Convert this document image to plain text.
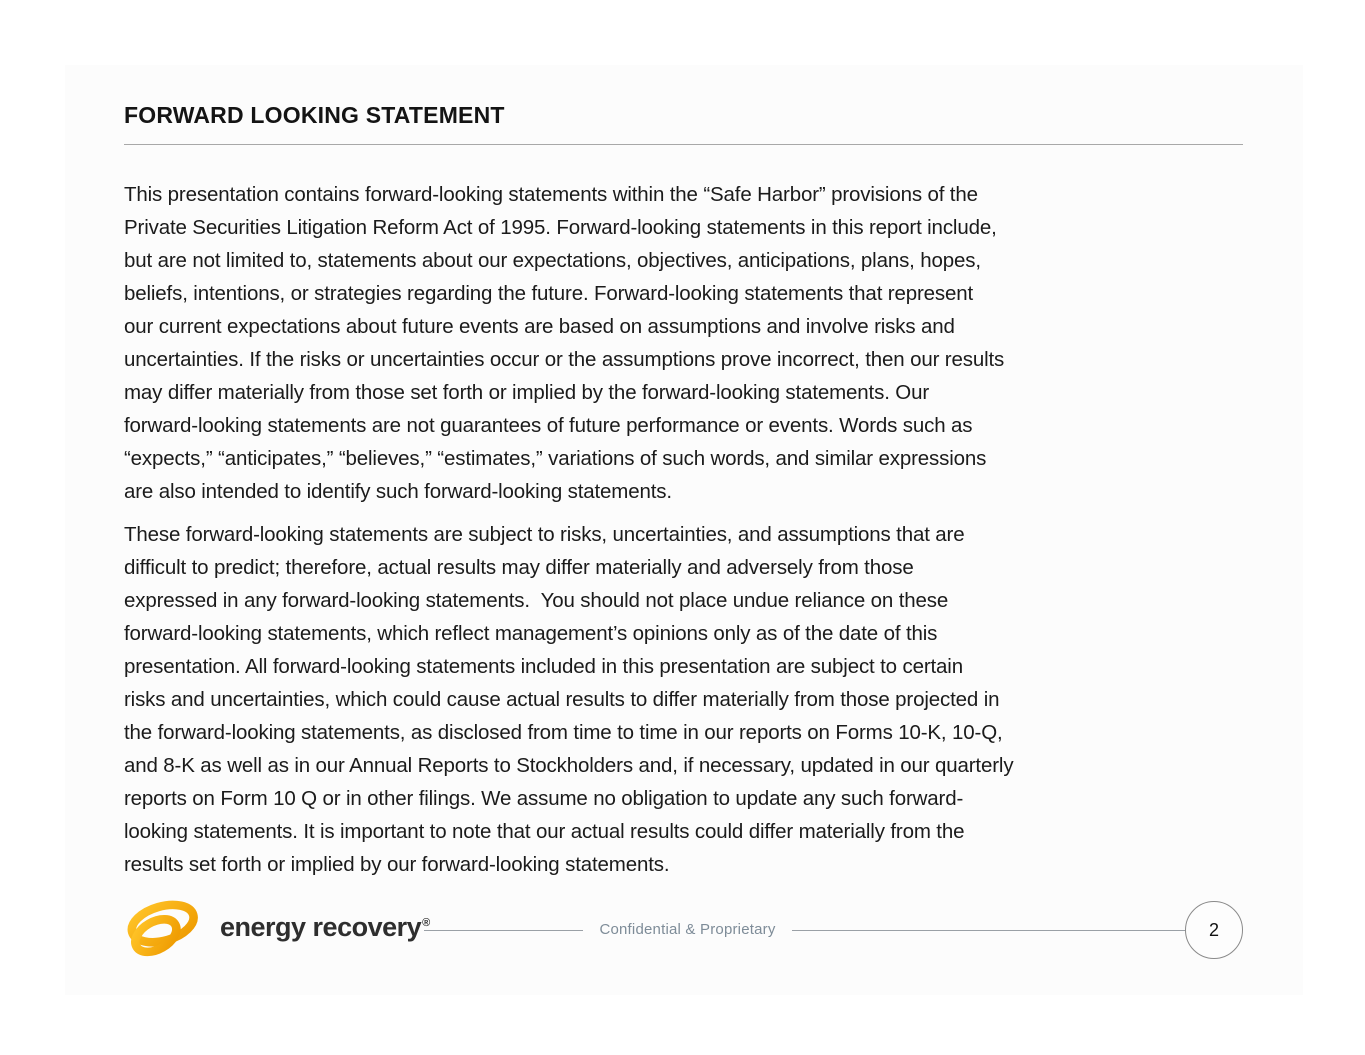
FORWARD LOOKING STATEMENT
This presentation contains forward-looking statements within the “Safe Harbor” provisions of the
Private Securities Litigation Reform Act of 1995. Forward-looking statements in this report include,
but are not limited to, statements about our expectations, objectives, anticipations, plans, hopes,
beliefs, intentions, or strategies regarding the future. Forward-looking statements that represent
our current expectations about future events are based on assumptions and involve risks and
uncertainties. If the risks or uncertainties occur or the assumptions prove incorrect, then our results
may differ materially from those set forth or implied by the forward-looking statements. Our
forward-looking statements are not guarantees of future performance or events. Words such as
“expects,” “anticipates,” “believes,” “estimates,” variations of such words, and similar expressions
are also intended to identify such forward-looking statements.
These forward-looking statements are subject to risks, uncertainties, and assumptions that are
difficult to predict; therefore, actual results may differ materially and adversely from those
expressed in any forward-looking statements.  You should not place undue reliance on these
forward-looking statements, which reflect management’s opinions only as of the date of this
presentation. All forward-looking statements included in this presentation are subject to certain
risks and uncertainties, which could cause actual results to differ materially from those projected in
the forward-looking statements, as disclosed from time to time in our reports on Forms 10-K, 10-Q,
and 8-K as well as in our Annual Reports to Stockholders and, if necessary, updated in our quarterly
reports on Form 10 Q or in other filings. We assume no obligation to update any such forward-
looking statements. It is important to note that our actual results could differ materially from the
results set forth or implied by our forward-looking statements.
energy recovery®	Confidential & Proprietary	2
